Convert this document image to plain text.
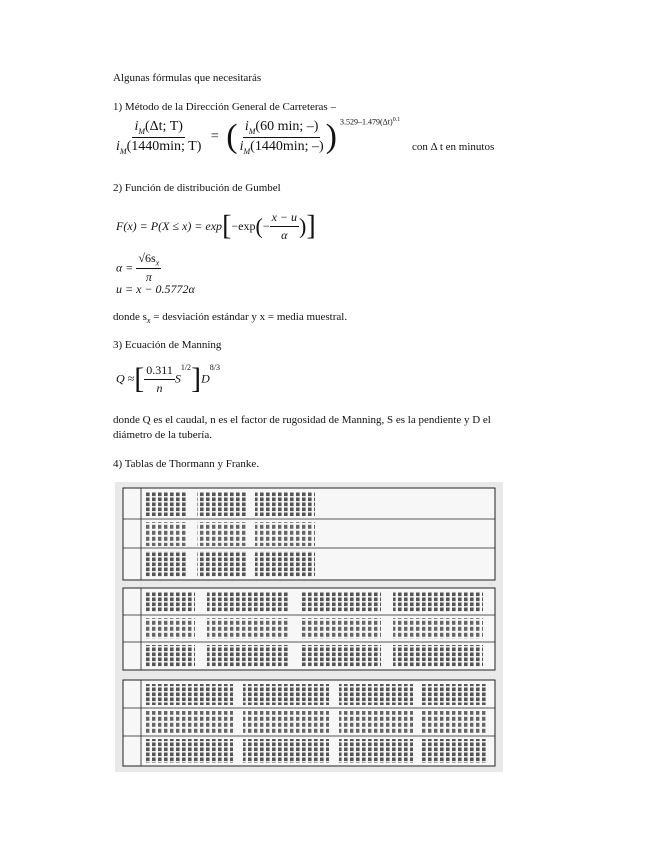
Algunas fórmulas que necesitarás
1) Método de la Dirección General de Carreteras –
$\frac{i_M(\Delta t; T)}{i_M(1440\min; T)}$ = ( $\frac{i_M(60 \min; -)}{i_M(1440\min; -)}$ ) $3.529-1.479(\Delta t)^{0.1}$
con Δ t en minutos
2) Función de distribución de Gumbel
$F(x) = P(X \le x) = \exp[-\exp(- \frac{x - u}{\alpha}$ )]
$\alpha = \frac{√6s_x}{\pi}$
u = x − 0.5772α
donde $s_x$ = desviación estándar y x = media muestral.
3) Ecuación de Manning
Q ≈[ $\frac{0.311}{n} S^{1/2}]D^{8/3}$
donde Q es el caudal, n es el factor de rugosidad de Manning, S es la pendiente y D el
diámetro de la tubería.
4) Tablas de Thormann y Franke.
